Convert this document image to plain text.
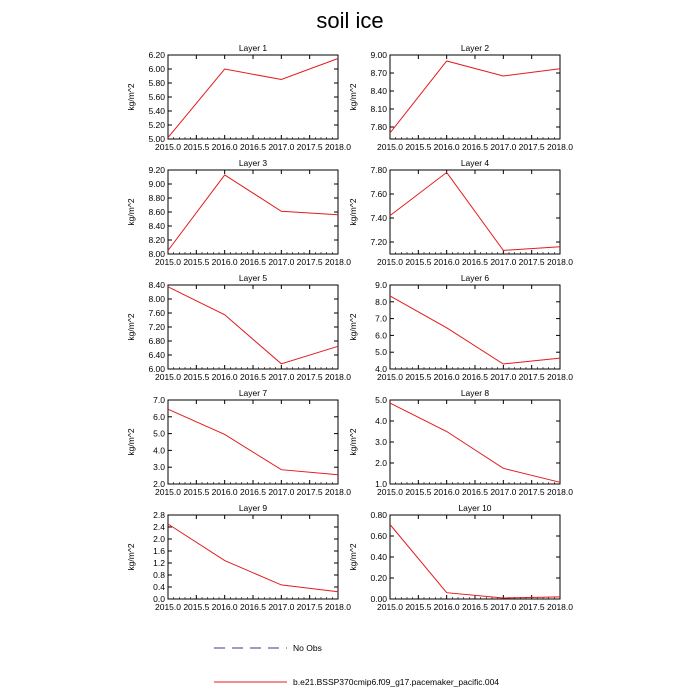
soil ice
Layer 1
kg/m^2
2015.0 2015.5 2016.0 2016.5 2017.0 2017.5 2018.0
5.00
5.20
5.40
5.60
5.80
6.00
6.20
Layer 2
kg/m^2
2015.0 2015.5 2016.0 2016.5 2017.0 2017.5 2018.0
7.80
8.10
8.40
8.70
9.00
Layer 3
kg/m^2
2015.0 2015.5 2016.0 2016.5 2017.0 2017.5 2018.0
8.00
8.20
8.40
8.60
8.80
9.00
9.20
Layer 4
kg/m^2
2015.0 2015.5 2016.0 2016.5 2017.0 2017.5 2018.0
7.20
7.40
7.60
7.80
Layer 5
kg/m^2
2015.0 2015.5 2016.0 2016.5 2017.0 2017.5 2018.0
6.00
6.40
6.80
7.20
7.60
8.00
8.40
Layer 6
kg/m^2
2015.0 2015.5 2016.0 2016.5 2017.0 2017.5 2018.0
4.0
5.0
6.0
7.0
8.0
9.0
Layer 7
kg/m^2
2015.0 2015.5 2016.0 2016.5 2017.0 2017.5 2018.0
2.0
3.0
4.0
5.0
6.0
7.0
Layer 8
kg/m^2
2015.0 2015.5 2016.0 2016.5 2017.0 2017.5 2018.0
1.0
2.0
3.0
4.0
5.0
Layer 9
kg/m^2
2015.0 2015.5 2016.0 2016.5 2017.0 2017.5 2018.0
0.0
0.4
0.8
1.2
1.6
2.0
2.4
2.8
Layer 10
kg/m^2
2015.0 2015.5 2016.0 2016.5 2017.0 2017.5 2018.0
0.00
0.20
0.40
0.60
0.80
No Obs
b.e21.BSSP370cmip6.f09_g17.pacemaker_pacific.004
